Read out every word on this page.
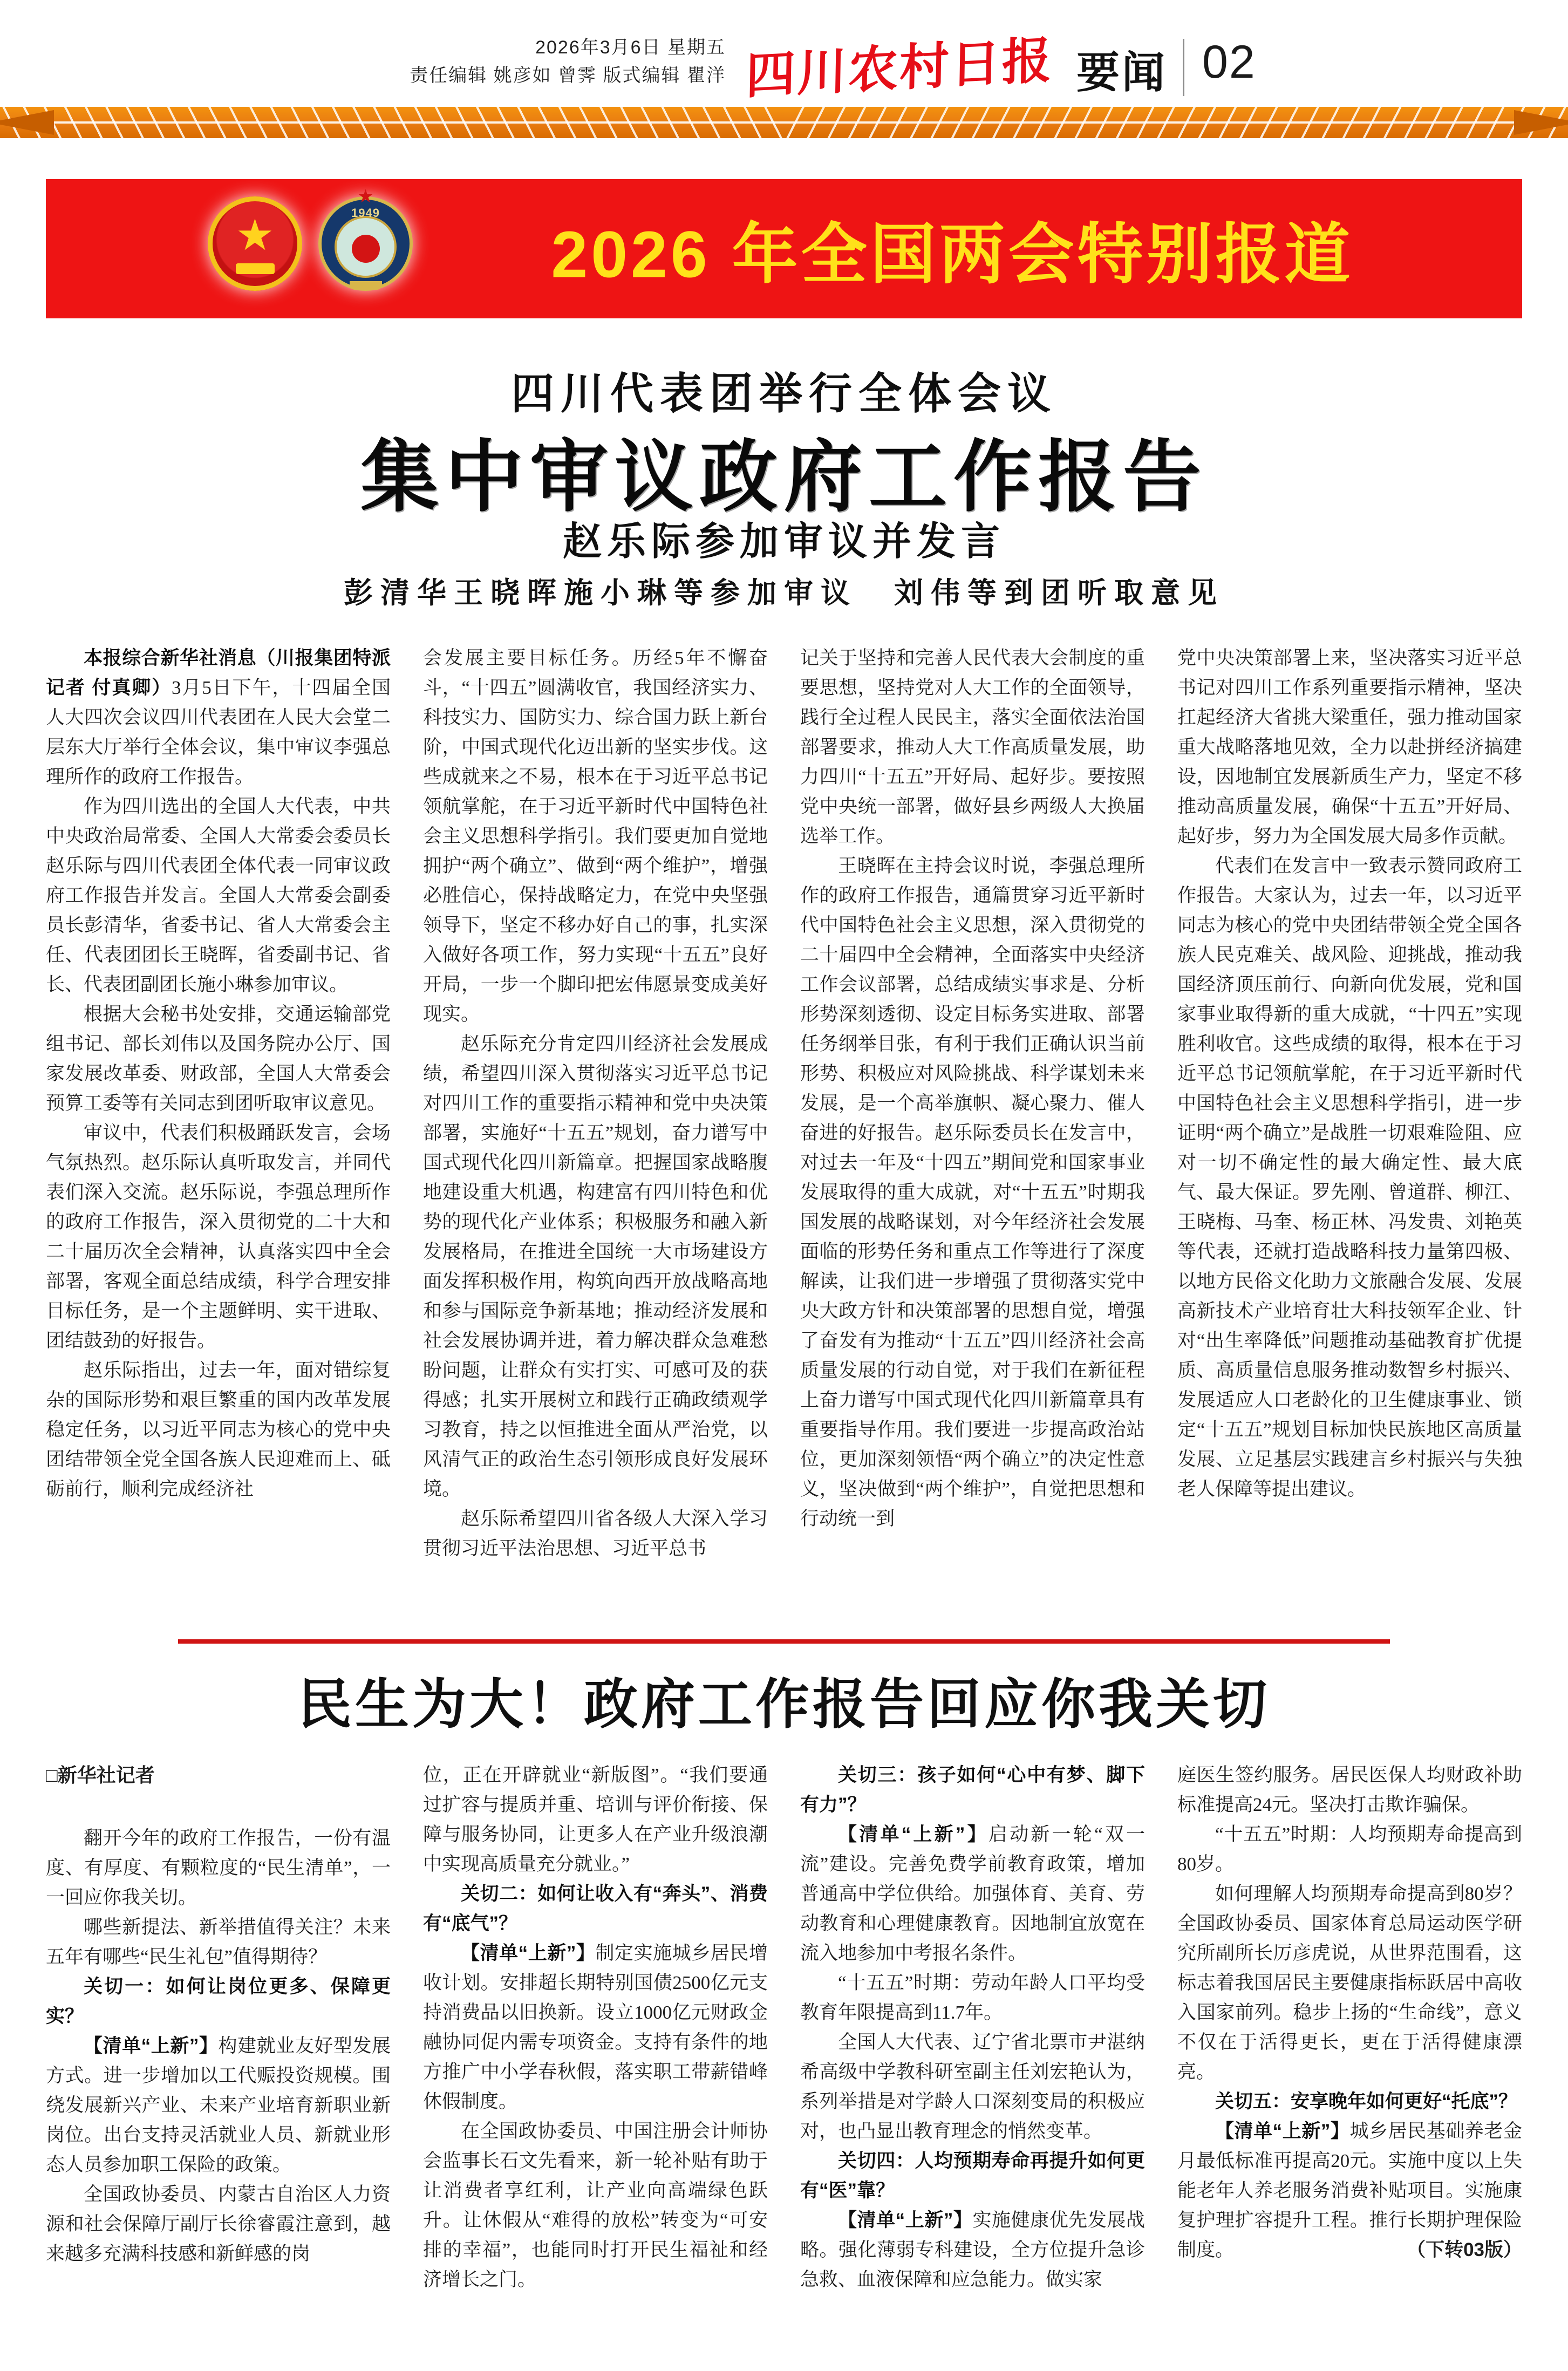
2026年3月6日 星期五
责任编辑 姚彦如 曾霁 版式编辑 瞿洋 四川农村日报 要闻 02
★
★
1949
2026 年全国两会特别报道
四川代表团举行全体会议
集中审议政府工作报告
赵乐际参加审议并发言
彭清华王晓晖施小琳等参加审议　刘伟等到团听取意见

本报综合新华社消息（川报集团特派记者 付真卿）3月5日下午，十四届全国人大四次会议四川代表团在人民大会堂二层东大厅举行全体会议，集中审议李强总理所作的政府工作报告。

作为四川选出的全国人大代表，中共中央政治局常委、全国人大常委会委员长赵乐际与四川代表团全体代表一同审议政府工作报告并发言。全国人大常委会副委员长彭清华，省委书记、省人大常委会主任、代表团团长王晓晖，省委副书记、省长、代表团副团长施小琳参加审议。

根据大会秘书处安排，交通运输部党组书记、部长刘伟以及国务院办公厅、国家发展改革委、财政部，全国人大常委会预算工委等有关同志到团听取审议意见。

审议中，代表们积极踊跃发言，会场气氛热烈。赵乐际认真听取发言，并同代表们深入交流。赵乐际说，李强总理所作的政府工作报告，深入贯彻党的二十大和二十届历次全会精神，认真落实四中全会部署，客观全面总结成绩，科学合理安排目标任务，是一个主题鲜明、实干进取、团结鼓劲的好报告。

赵乐际指出，过去一年，面对错综复杂的国际形势和艰巨繁重的国内改革发展稳定任务，以习近平同志为核心的党中央团结带领全党全国各族人民迎难而上、砥砺前行，顺利完成经济社

会发展主要目标任务。历经5年不懈奋斗，“十四五”圆满收官，我国经济实力、科技实力、国防实力、综合国力跃上新台阶，中国式现代化迈出新的坚实步伐。这些成就来之不易，根本在于习近平总书记领航掌舵，在于习近平新时代中国特色社会主义思想科学指引。我们要更加自觉地拥护“两个确立”、做到“两个维护”，增强必胜信心，保持战略定力，在党中央坚强领导下，坚定不移办好自己的事，扎实深入做好各项工作，努力实现“十五五”良好开局，一步一个脚印把宏伟愿景变成美好现实。

赵乐际充分肯定四川经济社会发展成绩，希望四川深入贯彻落实习近平总书记对四川工作的重要指示精神和党中央决策部署，实施好“十五五”规划，奋力谱写中国式现代化四川新篇章。把握国家战略腹地建设重大机遇，构建富有四川特色和优势的现代化产业体系；积极服务和融入新发展格局，在推进全国统一大市场建设方面发挥积极作用，构筑向西开放战略高地和参与国际竞争新基地；推动经济发展和社会发展协调并进，着力解决群众急难愁盼问题，让群众有实打实、可感可及的获得感；扎实开展树立和践行正确政绩观学习教育，持之以恒推进全面从严治党，以风清气正的政治生态引领形成良好发展环境。

赵乐际希望四川省各级人大深入学习贯彻习近平法治思想、习近平总书

记关于坚持和完善人民代表大会制度的重要思想，坚持党对人大工作的全面领导，践行全过程人民民主，落实全面依法治国部署要求，推动人大工作高质量发展，助力四川“十五五”开好局、起好步。要按照党中央统一部署，做好县乡两级人大换届选举工作。

王晓晖在主持会议时说，李强总理所作的政府工作报告，通篇贯穿习近平新时代中国特色社会主义思想，深入贯彻党的二十届四中全会精神，全面落实中央经济工作会议部署，总结成绩实事求是、分析形势深刻透彻、设定目标务实进取、部署任务纲举目张，有利于我们正确认识当前形势、积极应对风险挑战、科学谋划未来发展，是一个高举旗帜、凝心聚力、催人奋进的好报告。赵乐际委员长在发言中，对过去一年及“十四五”期间党和国家事业发展取得的重大成就，对“十五五”时期我国发展的战略谋划，对今年经济社会发展面临的形势任务和重点工作等进行了深度解读，让我们进一步增强了贯彻落实党中央大政方针和决策部署的思想自觉，增强了奋发有为推动“十五五”四川经济社会高质量发展的行动自觉，对于我们在新征程上奋力谱写中国式现代化四川新篇章具有重要指导作用。我们要进一步提高政治站位，更加深刻领悟“两个确立”的决定性意义，坚决做到“两个维护”，自觉把思想和行动统一到

党中央决策部署上来，坚决落实习近平总书记对四川工作系列重要指示精神，坚决扛起经济大省挑大梁重任，强力推动国家重大战略落地见效，全力以赴拼经济搞建设，因地制宜发展新质生产力，坚定不移推动高质量发展，确保“十五五”开好局、起好步，努力为全国发展大局多作贡献。

代表们在发言中一致表示赞同政府工作报告。大家认为，过去一年，以习近平同志为核心的党中央团结带领全党全国各族人民克难关、战风险、迎挑战，推动我国经济顶压前行、向新向优发展，党和国家事业取得新的重大成就，“十四五”实现胜利收官。这些成绩的取得，根本在于习近平总书记领航掌舵，在于习近平新时代中国特色社会主义思想科学指引，进一步证明“两个确立”是战胜一切艰难险阻、应对一切不确定性的最大确定性、最大底气、最大保证。罗先刚、曾道群、柳江、王晓梅、马奎、杨正林、冯发贵、刘艳英等代表，还就打造战略科技力量第四极、以地方民俗文化助力文旅融合发展、发展高新技术产业培育壮大科技领军企业、针对“出生率降低”问题推动基础教育扩优提质、高质量信息服务推动数智乡村振兴、发展适应人口老龄化的卫生健康事业、锁定“十五五”规划目标加快民族地区高质量发展、立足基层实践建言乡村振兴与失独老人保障等提出建议。

民生为大！政府工作报告回应你我关切

□新华社记者

翻开今年的政府工作报告，一份有温度、有厚度、有颗粒度的“民生清单”，一一回应你我关切。

哪些新提法、新举措值得关注？未来五年有哪些“民生礼包”值得期待？

关切一：如何让岗位更多、保障更实？

【清单“上新”】构建就业友好型发展方式。进一步增加以工代赈投资规模。围绕发展新兴产业、未来产业培育新职业新岗位。出台支持灵活就业人员、新就业形态人员参加职工保险的政策。

全国政协委员、内蒙古自治区人力资源和社会保障厅副厅长徐睿霞注意到，越来越多充满科技感和新鲜感的岗

位，正在开辟就业“新版图”。“我们要通过扩容与提质并重、培训与评价衔接、保障与服务协同，让更多人在产业升级浪潮中实现高质量充分就业。”

关切二：如何让收入有“奔头”、消费有“底气”？

【清单“上新”】制定实施城乡居民增收计划。安排超长期特别国债2500亿元支持消费品以旧换新。设立1000亿元财政金融协同促内需专项资金。支持有条件的地方推广中小学春秋假，落实职工带薪错峰休假制度。

在全国政协委员、中国注册会计师协会监事长石文先看来，新一轮补贴有助于让消费者享红利，让产业向高端绿色跃升。让休假从“难得的放松”转变为“可安排的幸福”，也能同时打开民生福祉和经济增长之门。

关切三：孩子如何“心中有梦、脚下有力”？

【清单“上新”】启动新一轮“双一流”建设。完善免费学前教育政策，增加普通高中学位供给。加强体育、美育、劳动教育和心理健康教育。因地制宜放宽在流入地参加中考报名条件。

“十五五”时期：劳动年龄人口平均受教育年限提高到11.7年。

全国人大代表、辽宁省北票市尹湛纳希高级中学教科研室副主任刘宏艳认为，系列举措是对学龄人口深刻变局的积极应对，也凸显出教育理念的悄然变革。

关切四：人均预期寿命再提升如何更有“医”靠？

【清单“上新”】实施健康优先发展战略。强化薄弱专科建设，全方位提升急诊急救、血液保障和应急能力。做实家

庭医生签约服务。居民医保人均财政补助标准提高24元。坚决打击欺诈骗保。

“十五五”时期：人均预期寿命提高到80岁。

如何理解人均预期寿命提高到80岁？全国政协委员、国家体育总局运动医学研究所副所长厉彦虎说，从世界范围看，这标志着我国居民主要健康指标跃居中高收入国家前列。稳步上扬的“生命线”，意义不仅在于活得更长，更在于活得健康漂亮。

关切五：安享晚年如何更好“托底”？

【清单“上新”】城乡居民基础养老金月最低标准再提高20元。实施中度以上失能老年人养老服务消费补贴项目。实施康复护理扩容提升工程。推行长期护理保险制度。	（下转03版）
